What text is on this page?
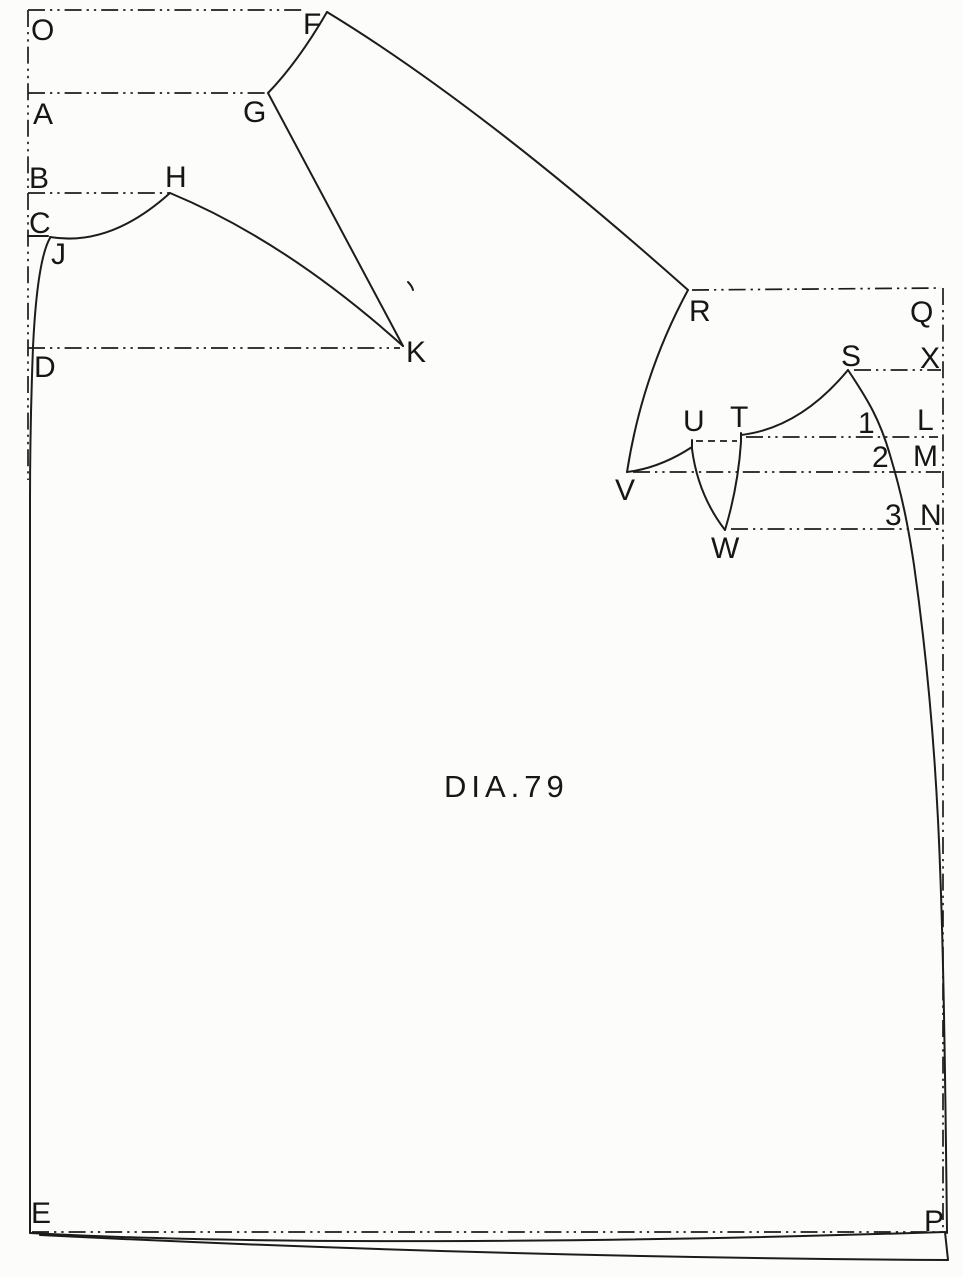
O	F
A	G
B	H
C
J
D	K
R	Q
S X
U T	1 L
2 M
V
W
3 N
E	P
DIA.79
